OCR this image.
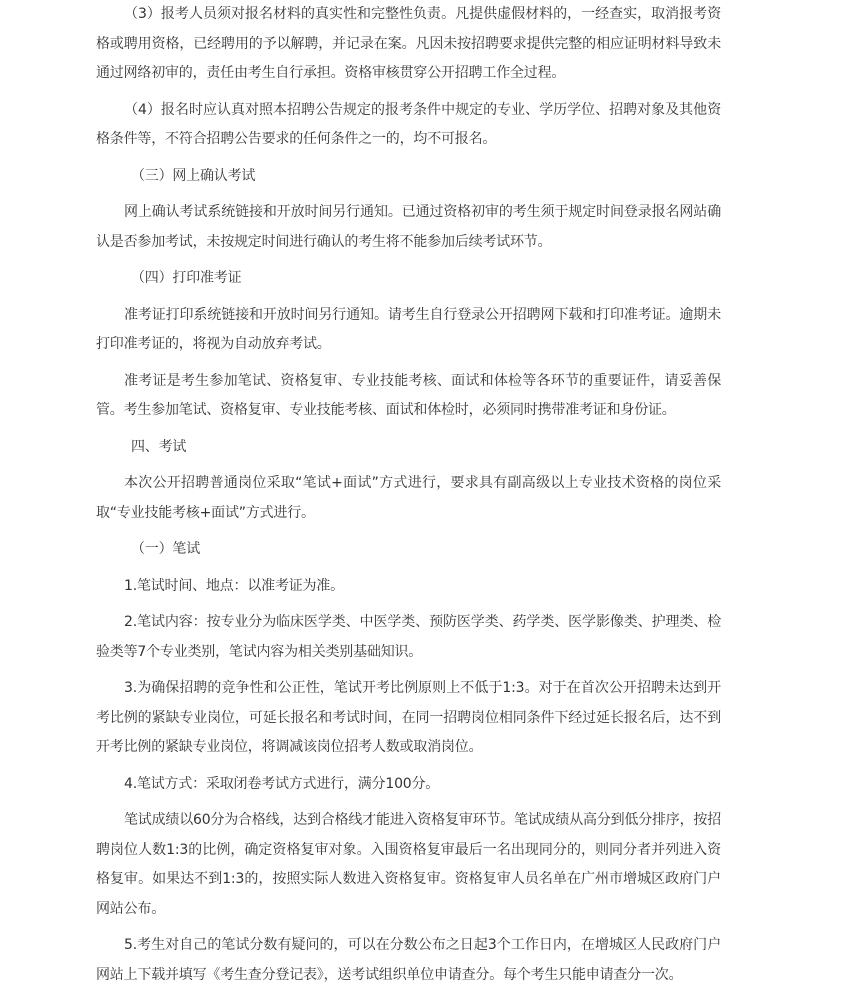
（3）报考人员须对报名材料的真实性和完整性负责。凡提供虚假材料的，一经查实，取消报考资格或聘用资格，已经聘用的予以解聘，并记录在案。凡因未按招聘要求提供完整的相应证明材料导致未通过网络初审的，责任由考生自行承担。资格审核贯穿公开招聘工作全过程。

（4）报名时应认真对照本招聘公告规定的报考条件中规定的专业、学历学位、招聘对象及其他资格条件等，不符合招聘公告要求的任何条件之一的，均不可报名。

（三）网上确认考试

网上确认考试系统链接和开放时间另行通知。已通过资格初审的考生须于规定时间登录报名网站确认是否参加考试，未按规定时间进行确认的考生将不能参加后续考试环节。

（四）打印准考证

准考证打印系统链接和开放时间另行通知。请考生自行登录公开招聘网下载和打印准考证。逾期未打印准考证的，将视为自动放弃考试。

准考证是考生参加笔试、资格复审、专业技能考核、面试和体检等各环节的重要证件，请妥善保管。考生参加笔试、资格复审、专业技能考核、面试和体检时，必须同时携带准考证和身份证。

四、考试

本次公开招聘普通岗位采取“笔试+面试”方式进行，要求具有副高级以上专业技术资格的岗位采取“专业技能考核+面试”方式进行。

（一）笔试

1.笔试时间、地点：以准考证为准。

2.笔试内容：按专业分为临床医学类、中医学类、预防医学类、药学类、医学影像类、护理类、检验类等7个专业类别，笔试内容为相关类别基础知识。

3.为确保招聘的竞争性和公正性，笔试开考比例原则上不低于1:3。对于在首次公开招聘未达到开考比例的紧缺专业岗位，可延长报名和考试时间，在同一招聘岗位相同条件下经过延长报名后，达不到开考比例的紧缺专业岗位，将调减该岗位招考人数或取消岗位。

4.笔试方式：采取闭卷考试方式进行，满分100分。

笔试成绩以60分为合格线，达到合格线才能进入资格复审环节。笔试成绩从高分到低分排序，按招聘岗位人数1:3的比例，确定资格复审对象。入围资格复审最后一名出现同分的，则同分者并列进入资格复审。如果达不到1:3的，按照实际人数进入资格复审。资格复审人员名单在广州市增城区政府门户网站公布。

5.考生对自己的笔试分数有疑问的，可以在分数公布之日起3个工作日内，在增城区人民政府门户网站上下载并填写《考生查分登记表》，送考试组织单位申请查分。每个考生只能申请查分一次。
